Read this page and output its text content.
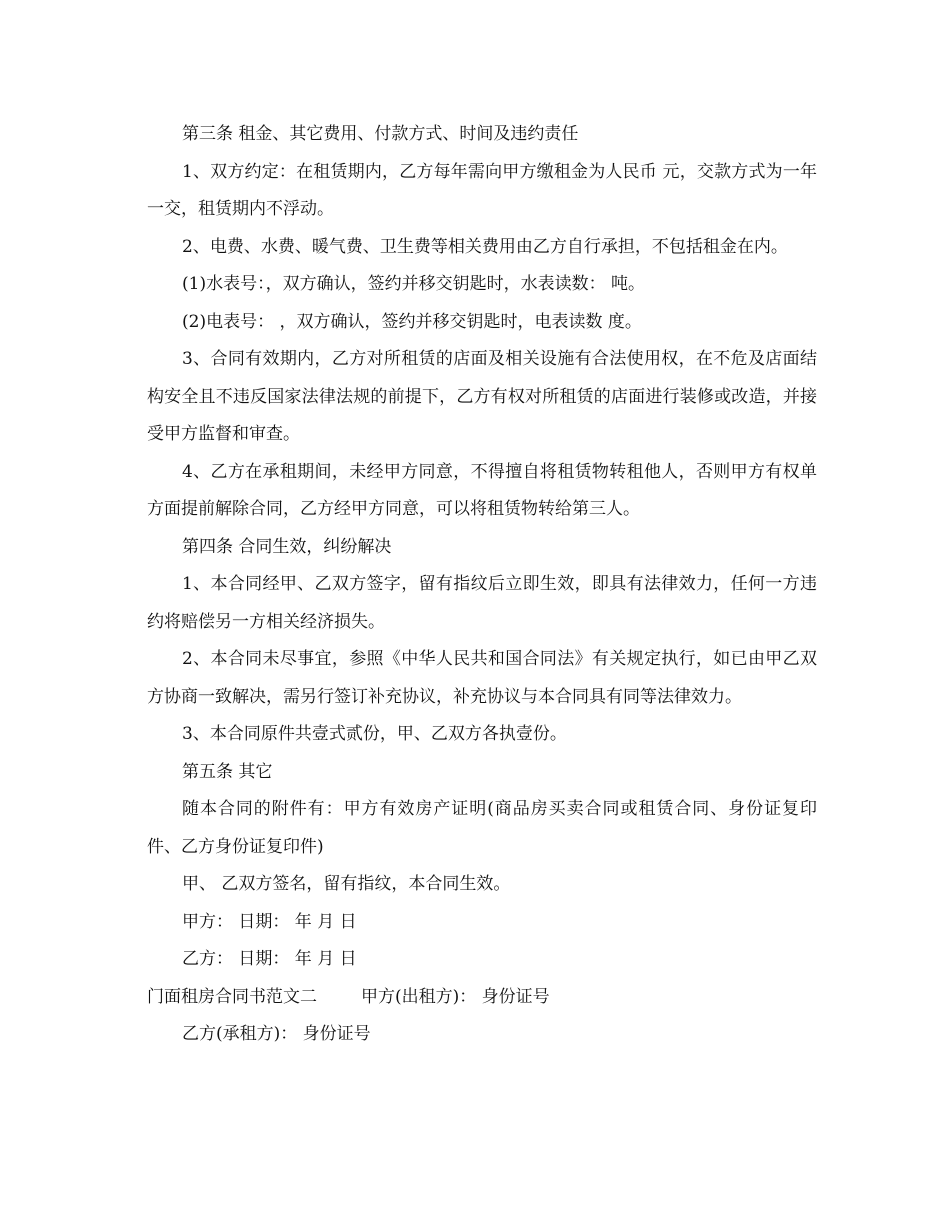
第三条 租金、其它费用、付款方式、时间及违约责任

1、双方约定：在租赁期内，乙方每年需向甲方缴租金为人民币 元，交款方式为一年一交，租赁期内不浮动。

2、电费、水费、暖气费、卫生费等相关费用由乙方自行承担，不包括租金在内。

(1)水表号：，双方确认，签约并移交钥匙时，水表读数： 吨。

(2)电表号： ，双方确认，签约并移交钥匙时，电表读数 度。

3、合同有效期内，乙方对所租赁的店面及相关设施有合法使用权，在不危及店面结构安全且不违反国家法律法规的前提下，乙方有权对所租赁的店面进行装修或改造，并接受甲方监督和审查。

4、乙方在承租期间，未经甲方同意，不得擅自将租赁物转租他人，否则甲方有权单方面提前解除合同，乙方经甲方同意，可以将租赁物转给第三人。

第四条 合同生效，纠纷解决

1、本合同经甲、乙双方签字，留有指纹后立即生效，即具有法律效力，任何一方违约将赔偿另一方相关经济损失。

2、本合同未尽事宜，参照《中华人民共和国合同法》有关规定执行，如已由甲乙双方协商一致解决，需另行签订补充协议，补充协议与本合同具有同等法律效力。

3、本合同原件共壹式贰份，甲、乙双方各执壹份。

第五条 其它

随本合同的附件有：甲方有效房产证明(商品房买卖合同或租赁合同、身份证复印件、乙方身份证复印件)

甲、 乙双方签名，留有指纹，本合同生效。

甲方： 日期： 年 月 日

乙方： 日期： 年 月 日

门面租房合同书范文二	甲方(出租方)： 身份证号

乙方(承租方)： 身份证号
